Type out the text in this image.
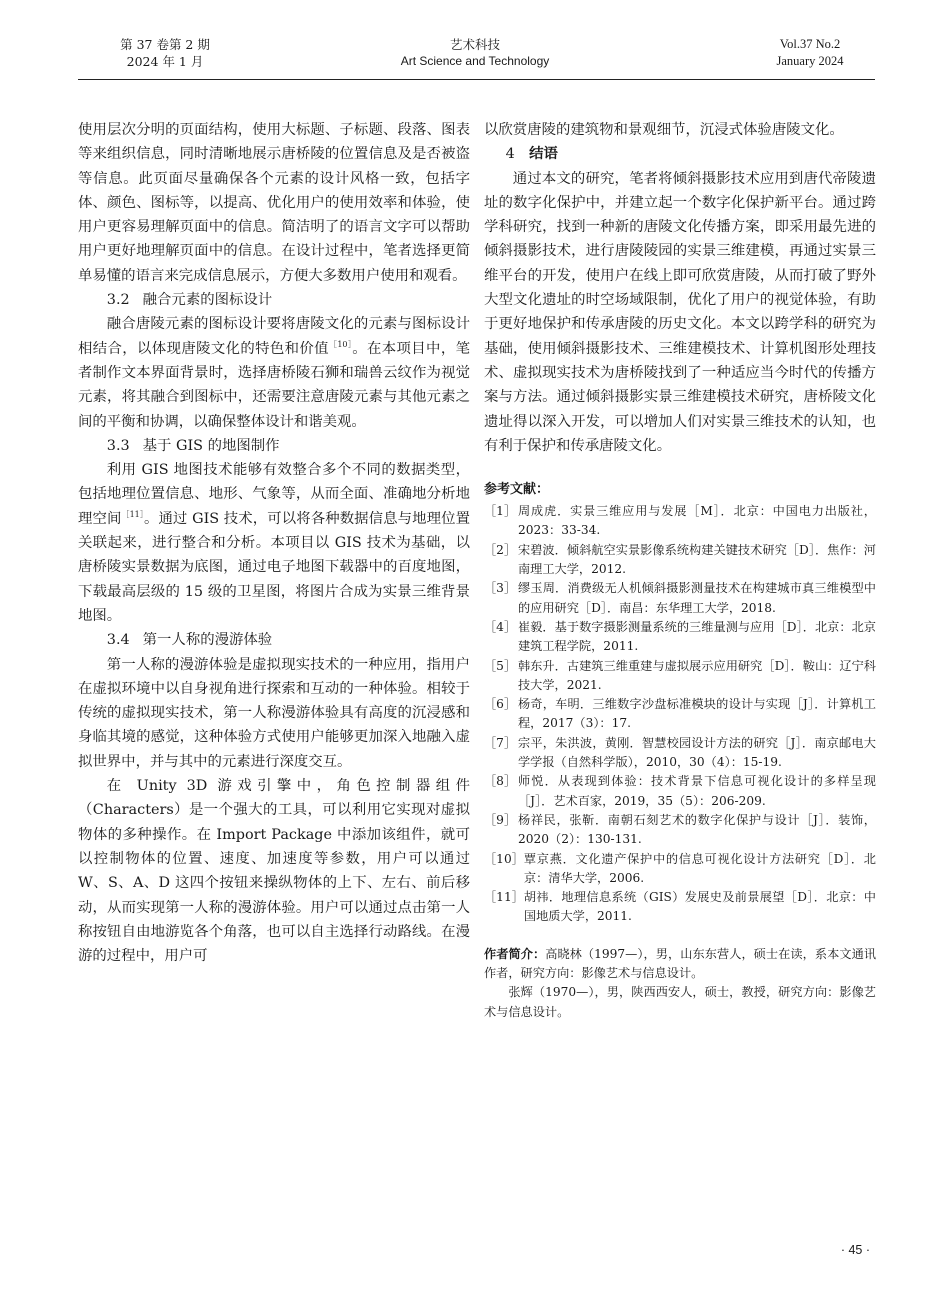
第 37 卷第 2 期
2024 年 1 月
艺术科技
Art Science and Technology
Vol.37 No.2
January 2024

使用层次分明的页面结构，使用大标题、子标题、段落、图表等来组织信息，同时清晰地展示唐桥陵的位置信息及是否被盗等信息。此页面尽量确保各个元素的设计风格一致，包括字体、颜色、图标等，以提高、优化用户的使用效率和体验，使用户更容易理解页面中的信息。简洁明了的语言文字可以帮助用户更好地理解页面中的信息。在设计过程中，笔者选择更简单易懂的语言来完成信息展示，方便大多数用户使用和观看。

3.2 融合元素的图标设计

融合唐陵元素的图标设计要将唐陵文化的元素与图标设计相结合，以体现唐陵文化的特色和价值$^{[10]}$。在本项目中，笔者制作文本界面背景时，选择唐桥陵石狮和瑞兽云纹作为视觉元素，将其融合到图标中，还需要注意唐陵元素与其他元素之间的平衡和协调，以确保整体设计和谐美观。

3.3 基于 GIS 的地图制作

利用 GIS 地图技术能够有效整合多个不同的数据类型，包括地理位置信息、地形、气象等，从而全面、准确地分析地理空间$^{[11]}$。通过 GIS 技术，可以将各种数据信息与地理位置关联起来，进行整合和分析。本项目以 GIS 技术为基础，以唐桥陵实景数据为底图，通过电子地图下载器中的百度地图，下载最高层级的 15 级的卫星图，将图片合成为实景三维背景地图。

3.4 第一人称的漫游体验

第一人称的漫游体验是虚拟现实技术的一种应用，指用户在虚拟环境中以自身视角进行探索和互动的一种体验。相较于传统的虚拟现实技术，第一人称漫游体验具有高度的沉浸感和身临其境的感觉，这种体验方式使用户能够更加深入地融入虚拟世界中，并与其中的元素进行深度交互。

在 Unity 3D 游戏引擎中，角色控制器组件（Characters）是一个强大的工具，可以利用它实现对虚拟物体的多种操作。在 Import Package 中添加该组件，就可以控制物体的位置、速度、加速度等参数，用户可以通过 W、S、A、D 这四个按钮来操纵物体的上下、左右、前后移动，从而实现第一人称的漫游体验。用户可以通过点击第一人称按钮自由地游览各个角落，也可以自主选择行动路线。在漫游的过程中，用户可

以欣赏唐陵的建筑物和景观细节，沉浸式体验唐陵文化。

4 结语

通过本文的研究，笔者将倾斜摄影技术应用到唐代帝陵遗址的数字化保护中，并建立起一个数字化保护新平台。通过跨学科研究，找到一种新的唐陵文化传播方案，即采用最先进的倾斜摄影技术，进行唐陵陵园的实景三维建模，再通过实景三维平台的开发，使用户在线上即可欣赏唐陵，从而打破了野外大型文化遗址的时空场域限制，优化了用户的视觉体验，有助于更好地保护和传承唐陵的历史文化。本文以跨学科的研究为基础，使用倾斜摄影技术、三维建模技术、计算机图形处理技术、虚拟现实技术为唐桥陵找到了一种适应当今时代的传播方案与方法。通过倾斜摄影实景三维建模技术研究，唐桥陵文化遗址得以深入开发，可以增加人们对实景三维技术的认知，也有利于保护和传承唐陵文化。

参考文献：
［1］ 周成虎．实景三维应用与发展［M］．北京：中国电力出版社，2023：33-34.
［2］ 宋碧波．倾斜航空实景影像系统构建关键技术研究［D］．焦作：河南理工大学，2012.
［3］ 缪玉周．消费级无人机倾斜摄影测量技术在构建城市真三维模型中的应用研究［D］．南昌：东华理工大学，2018.
［4］ 崔毅．基于数字摄影测量系统的三维量测与应用［D］．北京：北京建筑工程学院，2011.
［5］ 韩东升．古建筑三维重建与虚拟展示应用研究［D］．鞍山：辽宁科技大学，2021.
［6］ 杨奇，车明．三维数字沙盘标准模块的设计与实现［J］．计算机工程，2017（3）：17.
［7］ 宗平，朱洪波，黄刚．智慧校园设计方法的研究［J］．南京邮电大学学报（自然科学版），2010，30（4）：15-19.
［8］ 师悦．从表现到体验：技术背景下信息可视化设计的多样呈现［J］．艺术百家，2019，35（5）：206-209.
［9］ 杨祥民，张靳．南朝石刻艺术的数字化保护与设计［J］．装饰，2020（2）：130-131.
［10］ 覃京燕．文化遗产保护中的信息可视化设计方法研究［D］．北京：清华大学，2006.
［11］ 胡祎．地理信息系统（GIS）发展史及前景展望［D］．北京：中国地质大学，2011.
作者简介：高晓林（1997—），男，山东东营人，硕士在读，系本文通讯作者，研究方向：影像艺术与信息设计。
张辉（1970—），男，陕西西安人，硕士，教授，研究方向：影像艺术与信息设计。
· 45 ·
